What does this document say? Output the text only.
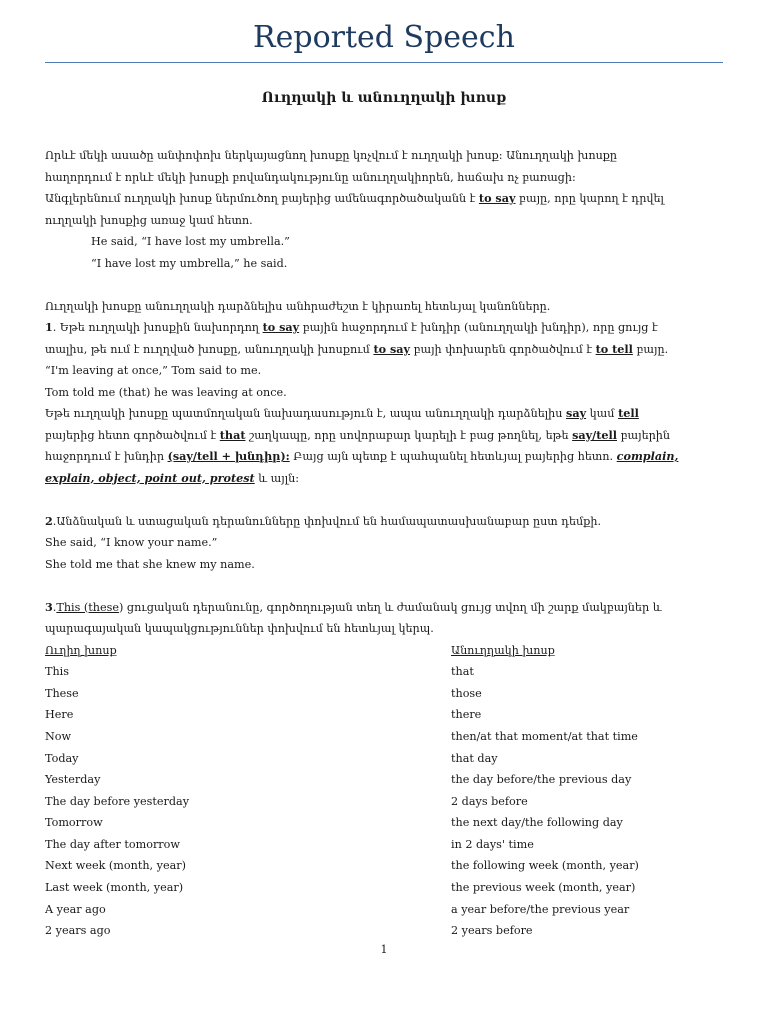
Reported Speech
Ուղղակի և անուղղակի խոսք

Որևէ մեկի ասածը անփոփոխ ներկայացնող խոսքը կոչվում է ուղղակի խոսք: Անուղղակի խոսքը

հաղորդում է որևէ մեկի խոսքի բովանդակությունը անուղղակիորեն, հաճախ ոչ բառացի:

Անգլերենում ուղղակի խոսք ներմուծող բայերից ամենագործածականն է to say բայը, որը կարող է դրվել

ուղղակի խոսքից առաջ կամ հետո.

He said, “I have lost my umbrella.”

“I have lost my umbrella,” he said.

Ուղղակի խոսքը անուղղակի դարձնելիս անհրաժեշտ է կիրառել հետևյալ կանոնները.

1. Եթե ուղղակի խոսքին նախորդող to say բային հաջորդում է խնդիր (անուղղակի խնդիր), որը ցույց է

տալիս, թե ում է ուղղված խոսքը, անուղղակի խոսքում to say բայի փոխարեն գործածվում է to tell բայը.

“I'm leaving at once,” Tom said to me.

Tom told me (that) he was leaving at once.

Եթե ուղղակի խոսքը պատմողական նախադասություն է, ապա անուղղակի դարձնելիս say կամ tell

բայերից հետո գործածվում է that շաղկապը, որը սովորաբար կարելի է բաց թողնել, եթե say/tell բայերին

հաջորդում է խնդիր (say/tell + խնդիր): Բայց այն պետք է պահպանել հետևյալ բայերից հետո. complain,

explain, object, point out, protest և այլն:

2.Անձնական և ստացական դերանունները փոխվում են համապատասխանաբար ըստ դեմքի.

She said, “I know your name.”

She told me that she knew my name.

3.This (these) ցուցական դերանունը, գործողության տեղ և ժամանակ ցույց տվող մի շարք մակբայներ և

պարագայական կապակցություններ փոխվում են հետևյալ կերպ.

Ուղիղ խոսք	Անուղղակի խոսք
This	that
These	those
Here	there
Now	then/at that moment/at that time
Today	that day
Yesterday	the day before/the previous day
The day before yesterday	2 days before
Tomorrow	the next day/the following day
The day after tomorrow	in 2 days' time
Next week (month, year)	the following week (month, year)
Last week (month, year)	the previous week (month, year)
A year ago	a year before/the previous year
2 years ago	2 years before
1
